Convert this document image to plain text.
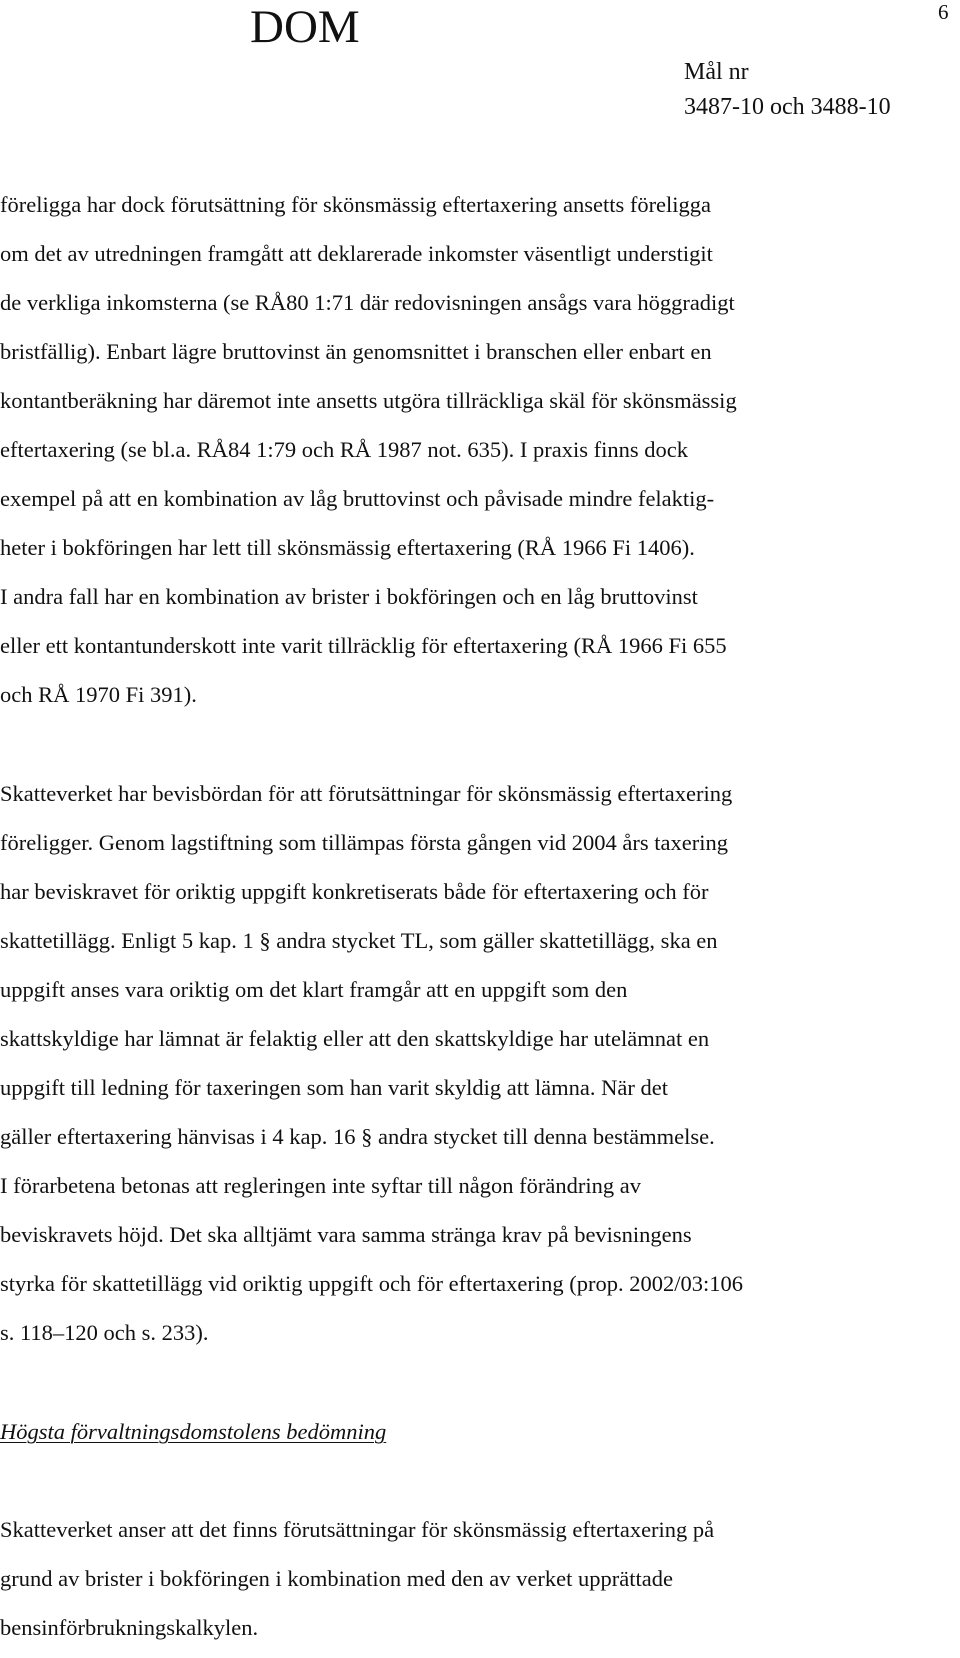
DOM	6
Mål nr
3487-10 och 3488-10
föreligga har dock förutsättning för skönsmässig eftertaxering ansetts föreligga
om det av utredningen framgått att deklarerade inkomster väsentligt understigit
de verkliga inkomsterna (se RÅ80 1:71 där redovisningen ansågs vara höggradigt
bristfällig). Enbart lägre bruttovinst än genomsnittet i branschen eller enbart en
kontantberäkning har däremot inte ansetts utgöra tillräckliga skäl för skönsmässig
eftertaxering (se bl.a. RÅ84 1:79 och RÅ 1987 not. 635). I praxis finns dock
exempel på att en kombination av låg bruttovinst och påvisade mindre felaktig-
heter i bokföringen har lett till skönsmässig eftertaxering (RÅ 1966 Fi 1406).
I andra fall har en kombination av brister i bokföringen och en låg bruttovinst
eller ett kontantunderskott inte varit tillräcklig för eftertaxering (RÅ 1966 Fi 655
och RÅ 1970 Fi 391).
Skatteverket har bevisbördan för att förutsättningar för skönsmässig eftertaxering
föreligger. Genom lagstiftning som tillämpas första gången vid 2004 års taxering
har beviskravet för oriktig uppgift konkretiserats både för eftertaxering och för
skattetillägg. Enligt 5 kap. 1 § andra stycket TL, som gäller skattetillägg, ska en
uppgift anses vara oriktig om det klart framgår att en uppgift som den
skattskyldige har lämnat är felaktig eller att den skattskyldige har utelämnat en
uppgift till ledning för taxeringen som han varit skyldig att lämna. När det
gäller eftertaxering hänvisas i 4 kap. 16 § andra stycket till denna bestämmelse.
I förarbetena betonas att regleringen inte syftar till någon förändring av
beviskravets höjd. Det ska alltjämt vara samma stränga krav på bevisningens
styrka för skattetillägg vid oriktig uppgift och för eftertaxering (prop. 2002/03:106
s. 118–120 och s. 233).
Högsta förvaltningsdomstolens bedömning
Skatteverket anser att det finns förutsättningar för skönsmässig eftertaxering på
grund av brister i bokföringen i kombination med den av verket upprättade
bensinförbrukningskalkylen.
